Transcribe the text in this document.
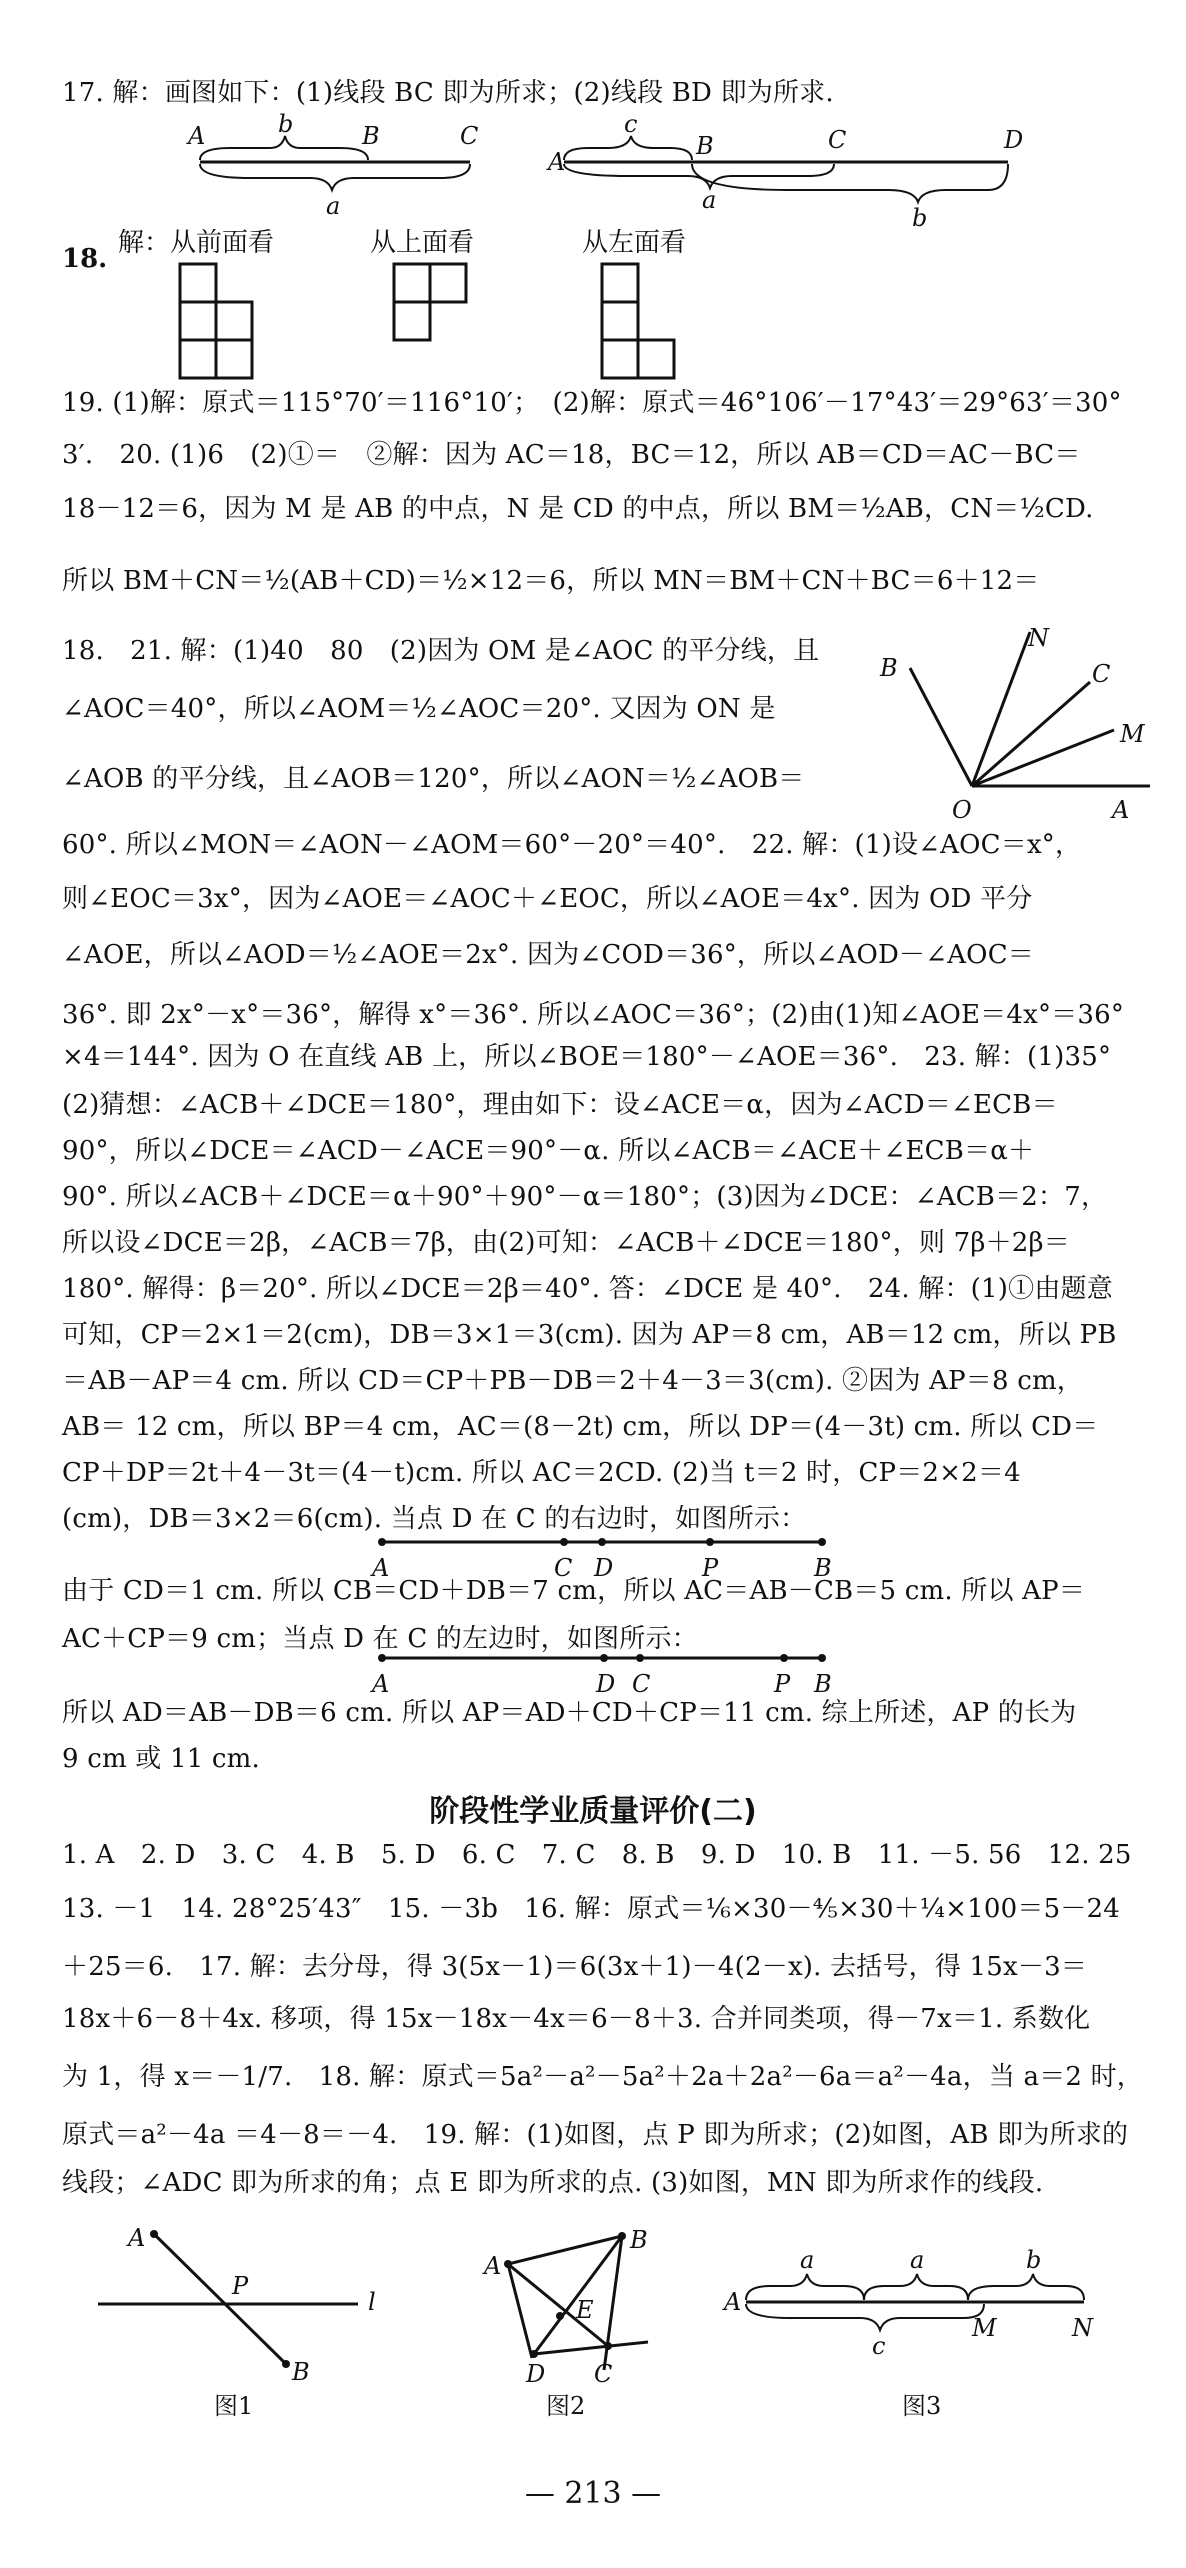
17. 解：画图如下：(1)线段 BC 即为所求；(2)线段 BD 即为所求.
A	b	B	C
a
A
c
B	C	D
a
b
18.
解：从前面看	从上面看	从左面看
19. (1)解：原式＝115°70′＝116°10′；　(2)解：原式＝46°106′－17°43′＝29°63′＝30°
3′.　20. (1)6　(2)①＝　②解：因为 AC＝18，BC＝12，所以 AB＝CD＝AC－BC＝
18－12＝6，因为 M 是 AB 的中点，N 是 CD 的中点，所以 BM＝½AB，CN＝½CD.
所以 BM＋CN＝½(AB＋CD)＝½×12＝6，所以 MN＝BM＋CN＋BC＝6＋12＝
18.　21. 解：(1)40　80　(2)因为 OM 是∠AOC 的平分线，且
∠AOC＝40°，所以∠AOM＝½∠AOC＝20°. 又因为 ON 是
∠AOB 的平分线，且∠AOB＝120°，所以∠AON＝½∠AOB＝
B
N
C
M
O	A
60°. 所以∠MON＝∠AON－∠AOM＝60°－20°＝40°.　22. 解：(1)设∠AOC＝x°，
则∠EOC＝3x°，因为∠AOE＝∠AOC＋∠EOC，所以∠AOE＝4x°. 因为 OD 平分
∠AOE，所以∠AOD＝½∠AOE＝2x°. 因为∠COD＝36°，所以∠AOD－∠AOC＝
36°. 即 2x°－x°＝36°，解得 x°＝36°. 所以∠AOC＝36°；(2)由(1)知∠AOE＝4x°＝36°
×4＝144°. 因为 O 在直线 AB 上，所以∠BOE＝180°－∠AOE＝36°.　23. 解：(1)35°
(2)猜想：∠ACB＋∠DCE＝180°，理由如下：设∠ACE＝α，因为∠ACD＝∠ECB＝
90°，所以∠DCE＝∠ACD－∠ACE＝90°－α. 所以∠ACB＝∠ACE＋∠ECB＝α＋
90°. 所以∠ACB＋∠DCE＝α＋90°＋90°－α＝180°；(3)因为∠DCE：∠ACB＝2：7，
所以设∠DCE＝2β，∠ACB＝7β，由(2)可知：∠ACB＋∠DCE＝180°，则 7β＋2β＝
180°. 解得：β＝20°. 所以∠DCE＝2β＝40°. 答：∠DCE 是 40°.　24. 解：(1)①由题意
可知，CP＝2×1＝2(cm)，DB＝3×1＝3(cm). 因为 AP＝8 cm，AB＝12 cm，所以 PB
＝AB－AP＝4 cm. 所以 CD＝CP＋PB－DB＝2＋4－3＝3(cm). ②因为 AP＝8 cm，
AB＝ 12 cm，所以 BP＝4 cm，AC＝(8－2t) cm，所以 DP＝(4－3t) cm. 所以 CD＝
CP＋DP＝2t＋4－3t＝(4－t)cm. 所以 AC＝2CD. (2)当 t＝2 时，CP＝2×2＝4
(cm)，DB＝3×2＝6(cm). 当点 D 在 C 的右边时，如图所示：
A	C D	P	B
由于 CD＝1 cm. 所以 CB＝CD＋DB＝7 cm，所以 AC＝AB－CB＝5 cm. 所以 AP＝
AC＋CP＝9 cm；当点 D 在 C 的左边时，如图所示：
A	D C	P B
所以 AD＝AB－DB＝6 cm. 所以 AP＝AD＋CD＋CP＝11 cm. 综上所述，AP 的长为
9 cm 或 11 cm.
阶段性学业质量评价(二)
1. A　2. D　3. C　4. B　5. D　6. C　7. C　8. B　9. D　10. B　11. －5. 56　12. 25
13. －1　14. 28°25′43″　15. －3b　16. 解：原式＝⅙×30－⅘×30＋¼×100＝5－24
＋25＝6.　17. 解：去分母，得 3(5x－1)＝6(3x＋1)－4(2－x). 去括号，得 15x－3＝
18x＋6－8＋4x. 移项，得 15x－18x－4x＝6－8＋3. 合并同类项，得－7x＝1. 系数化
为 1，得 x＝－1/7.　18. 解：原式＝5a²－a²－5a²＋2a＋2a²－6a＝a²－4a，当 a＝2 时，
原式＝a²－4a ＝4－8＝－4.　19. 解：(1)如图，点 P 即为所求；(2)如图，AB 即为所求的
线段；∠ADC 即为所求的角；点 E 即为所求的点. (3)如图，MN 即为所求作的线段.
A
P
l
B
图1
A
B
E
D C
图2
A
a	a	b
c
M	N
图3
— 213 —
